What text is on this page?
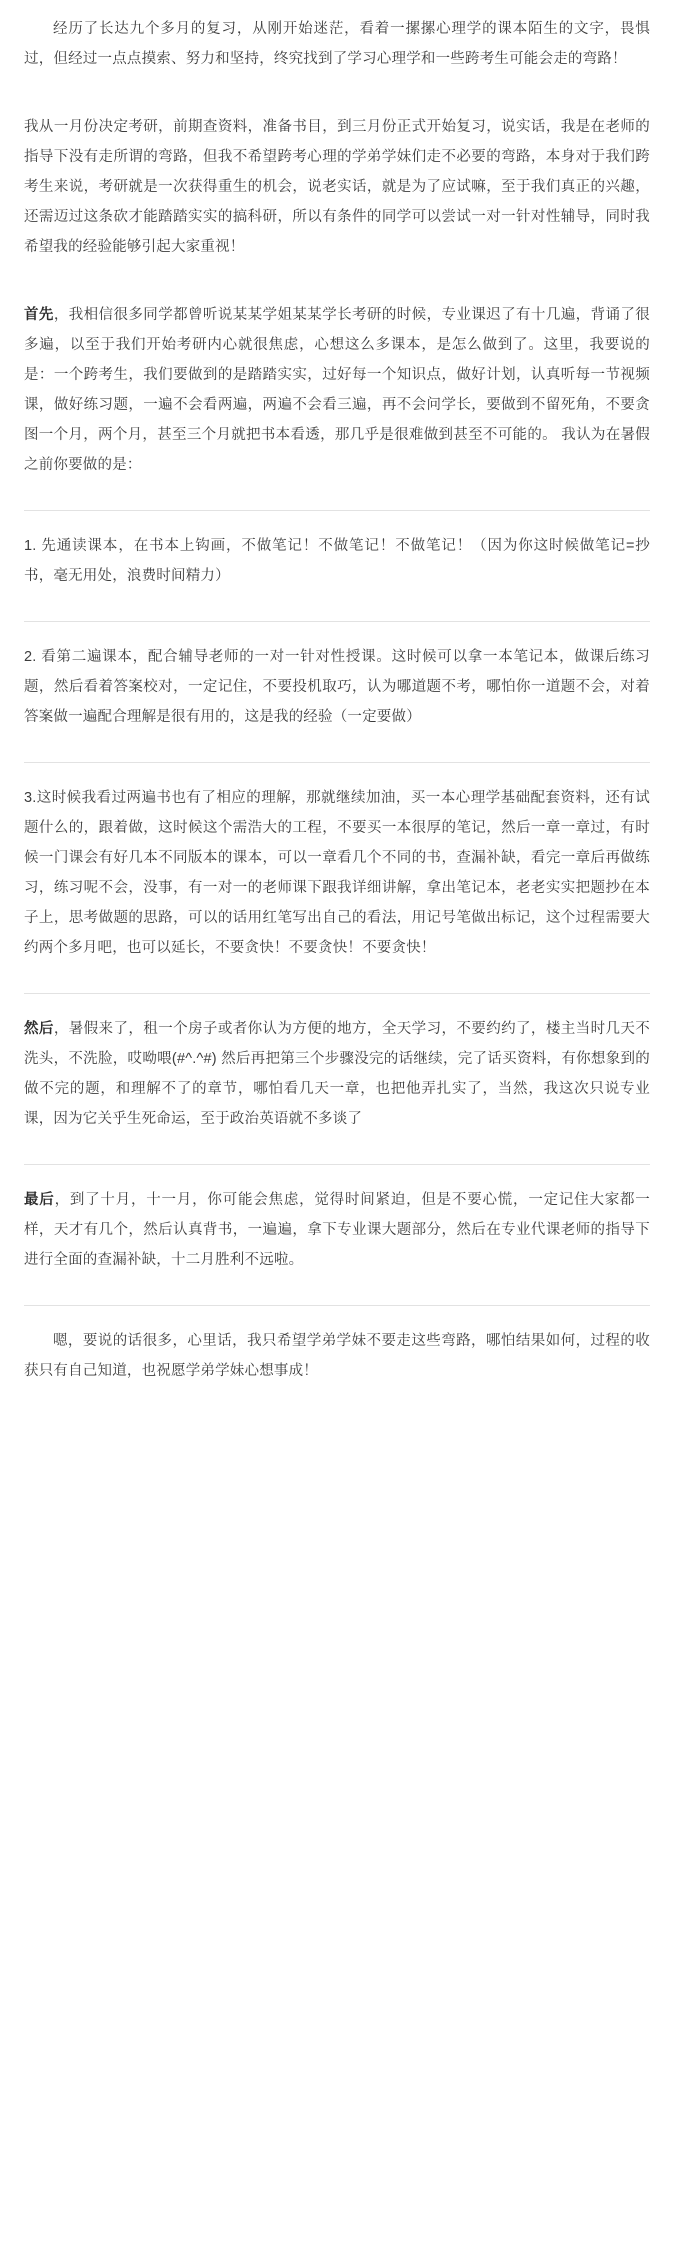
经历了长达九个多月的复习，从刚开始迷茫，看着一摞摞心理学的课本陌生的文字，畏惧过，但经过一点点摸索、努力和坚持，终究找到了学习心理学和一些跨考生可能会走的弯路！

我从一月份决定考研，前期查资料，准备书目，到三月份正式开始复习，说实话，我是在老师的指导下没有走所谓的弯路，但我不希望跨考心理的学弟学妹们走不必要的弯路，本身对于我们跨考生来说，考研就是一次获得重生的机会，说老实话，就是为了应试嘛，至于我们真正的兴趣，还需迈过这条砍才能踏踏实实的搞科研，所以有条件的同学可以尝试一对一针对性辅导，同时我希望我的经验能够引起大家重视！

首先，我相信很多同学都曾听说某某学姐某某学长考研的时候，专业课迟了有十几遍，背诵了很多遍，以至于我们开始考研内心就很焦虑，心想这么多课本，是怎么做到了。这里，我要说的是：一个跨考生，我们要做到的是踏踏实实，过好每一个知识点，做好计划，认真听每一节视频课，做好练习题，一遍不会看两遍，两遍不会看三遍，再不会问学长，要做到不留死角，不要贪图一个月，两个月，甚至三个月就把书本看透，那几乎是很难做到甚至不可能的。 我认为在暑假之前你要做的是：

1. 先通读课本，在书本上钩画，不做笔记！不做笔记！不做笔记！（因为你这时候做笔记=抄书，毫无用处，浪费时间精力）

2. 看第二遍课本，配合辅导老师的一对一针对性授课。这时候可以拿一本笔记本，做课后练习题，然后看着答案校对，一定记住，不要投机取巧，认为哪道题不考，哪怕你一道题不会，对着答案做一遍配合理解是很有用的，这是我的经验（一定要做）

3.这时候我看过两遍书也有了相应的理解，那就继续加油，买一本心理学基础配套资料，还有试题什么的，跟着做，这时候这个需浩大的工程，不要买一本很厚的笔记，然后一章一章过，有时候一门课会有好几本不同版本的课本，可以一章看几个不同的书，查漏补缺，看完一章后再做练习，练习呢不会，没事，有一对一的老师课下跟我详细讲解，拿出笔记本，老老实实把题抄在本子上，思考做题的思路，可以的话用红笔写出自己的看法，用记号笔做出标记，这个过程需要大约两个多月吧，也可以延长，不要贪快！不要贪快！不要贪快！

然后，暑假来了，租一个房子或者你认为方便的地方，全天学习，不要约约了，楼主当时几天不洗头，不洗脸，哎呦喂(#^.^#) 然后再把第三个步骤没完的话继续，完了话买资料，有你想象到的做不完的题，和理解不了的章节，哪怕看几天一章，也把他弄扎实了，当然，我这次只说专业课，因为它关乎生死命运，至于政治英语就不多谈了

最后，到了十月，十一月，你可能会焦虑，觉得时间紧迫，但是不要心慌，一定记住大家都一样，天才有几个，然后认真背书，一遍遍，拿下专业课大题部分，然后在专业代课老师的指导下进行全面的查漏补缺，十二月胜利不远啦。

嗯，要说的话很多，心里话，我只希望学弟学妹不要走这些弯路，哪怕结果如何，过程的收获只有自己知道，也祝愿学弟学妹心想事成！
